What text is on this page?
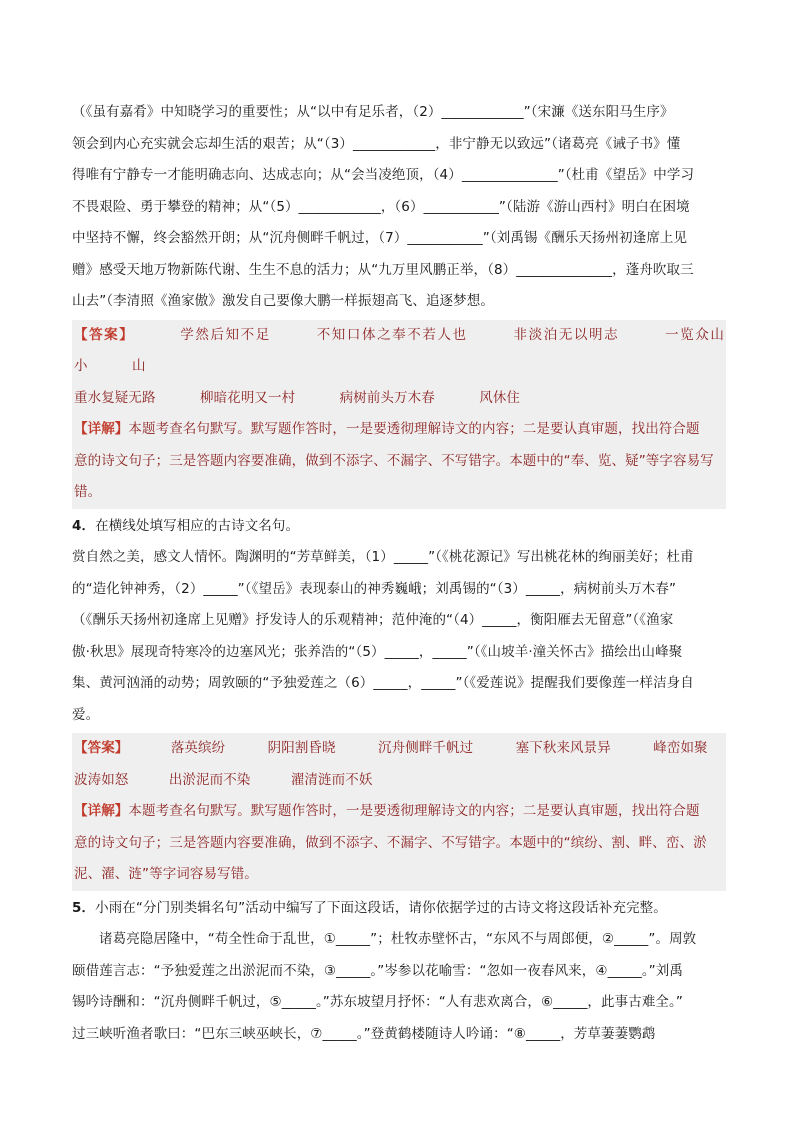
（《虽有嘉肴》中知晓学习的重要性；从“以中有足乐者，（2）____________”（宋濂《送东阳马生序》

领会到内心充实就会忘却生活的艰苦；从“（3）____________，非宁静无以致远”（诸葛亮《诫子书》懂

得唯有宁静专一才能明确志向、达成志向；从“会当凌绝顶，（4）______________”（杜甫《望岳》中学习

不畏艰险、勇于攀登的精神；从“（5）____________，（6）___________”（陆游《游山西村》明白在困境

中坚持不懈，终会豁然开朗；从“沉舟侧畔千帆过，（7）___________”（刘禹锡《酬乐天扬州初逢席上见

赠》感受天地万物新陈代谢、生生不息的活力；从“九万里风鹏正举，（8）______________，蓬舟吹取三

山去”（李清照《渔家傲》激发自己要像大鹏一样振翅高飞、追逐梦想。

【答案】	学然后知不足	不知口体之奉不若人也	非淡泊无以明志	一览众山小	山

重水复疑无路	柳暗花明又一村	病树前头万木春	风休住

【详解】本题考查名句默写。默写题作答时，一是要透彻理解诗文的内容；二是要认真审题，找出符合题

意的诗文句子；三是答题内容要准确，做到不添字、不漏字、不写错字。本题中的“奉、览、疑”等字容易写

错。

4．在横线处填写相应的古诗文名句。

赏自然之美，感文人情怀。陶渊明的“芳草鲜美，（1）_____”（《桃花源记》写出桃花林的绚丽美好；杜甫

的“造化钟神秀，（2）_____”（《望岳》表现泰山的神秀巍峨；刘禹锡的“（3）_____，病树前头万木春”

（《酬乐天扬州初逢席上见赠》抒发诗人的乐观精神；范仲淹的“（4）_____，衡阳雁去无留意”（《渔家

傲·秋思》展现奇特寒冷的边塞风光；张养浩的“（5）_____，_____”（《山坡羊·潼关怀古》描绘出山峰聚

集、黄河汹涌的动势；周敦颐的“予独爱莲之（6）_____，_____”（《爱莲说》提醒我们要像莲一样洁身自

爱。

【答案】	落英缤纷	阴阳割昏晓	沉舟侧畔千帆过	塞下秋来风景异	峰峦如聚

波涛如怒	出淤泥而不染	濯清涟而不妖

【详解】本题考查名句默写。默写题作答时，一是要透彻理解诗文的内容；二是要认真审题，找出符合题

意的诗文句子；三是答题内容要准确，做到不添字、不漏字、不写错字。本题中的“缤纷、割、畔、峦、淤

泥、濯、涟”等字词容易写错。

5．小雨在“分门别类辑名句”活动中编写了下面这段话，请你依据学过的古诗文将这段话补充完整。

诸葛亮隐居隆中，“苟全性命于乱世，①_____”；杜牧赤壁怀古，“东风不与周郎便，②_____”。周敦

颐借莲言志：“予独爱莲之出淤泥而不染，③_____。”岑参以花喻雪：“忽如一夜春风来，④_____。”刘禹

锡吟诗酬和：“沉舟侧畔千帆过，⑤_____。”苏东坡望月抒怀：“人有悲欢离合，⑥_____，此事古难全。”

过三峡听渔者歌曰：“巴东三峡巫峡长，⑦_____。”登黄鹤楼随诗人吟诵：“⑧_____，芳草萋萋鹦鹉
